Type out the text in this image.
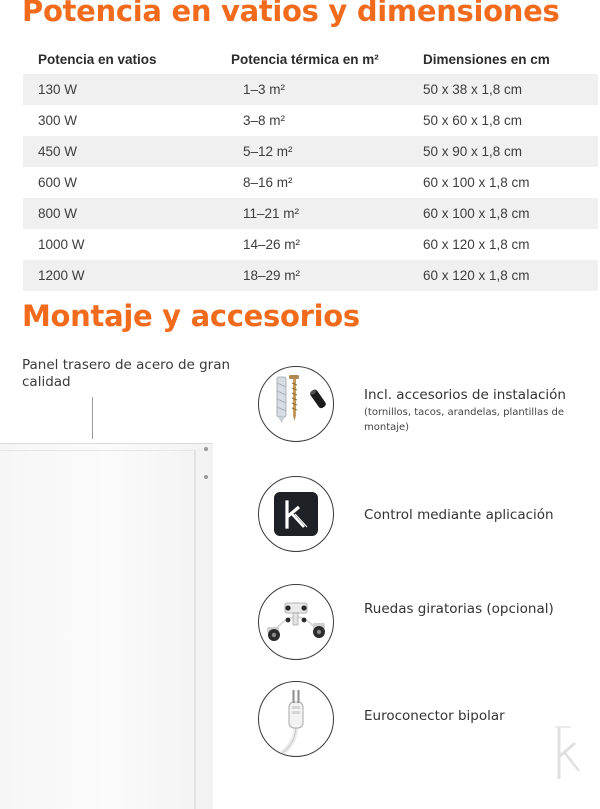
Potencia en vatios y dimensiones
Potencia en vatios	Potencia térmica en m²	Dimensiones en cm
130 W	1–3 m²	50 x 38 x 1,8 cm
300 W	3–8 m²	50 x 60 x 1,8 cm
450 W	5–12 m²	50 x 90 x 1,8 cm
600 W	8–16 m²	60 x 100 x 1,8 cm
800 W	11–21 m²	60 x 100 x 1,8 cm
1000 W	14–26 m²	60 x 120 x 1,8 cm
1200 W	18–29 m²	60 x 120 x 1,8 cm
Montaje y accesorios
Panel trasero de acero de gran calidad
Incl. accesorios de instalación
(tornillos, tacos, arandelas, plantillas de montaje)
Control mediante aplicación
Ruedas giratorias (opcional)
Euroconector bipolar
